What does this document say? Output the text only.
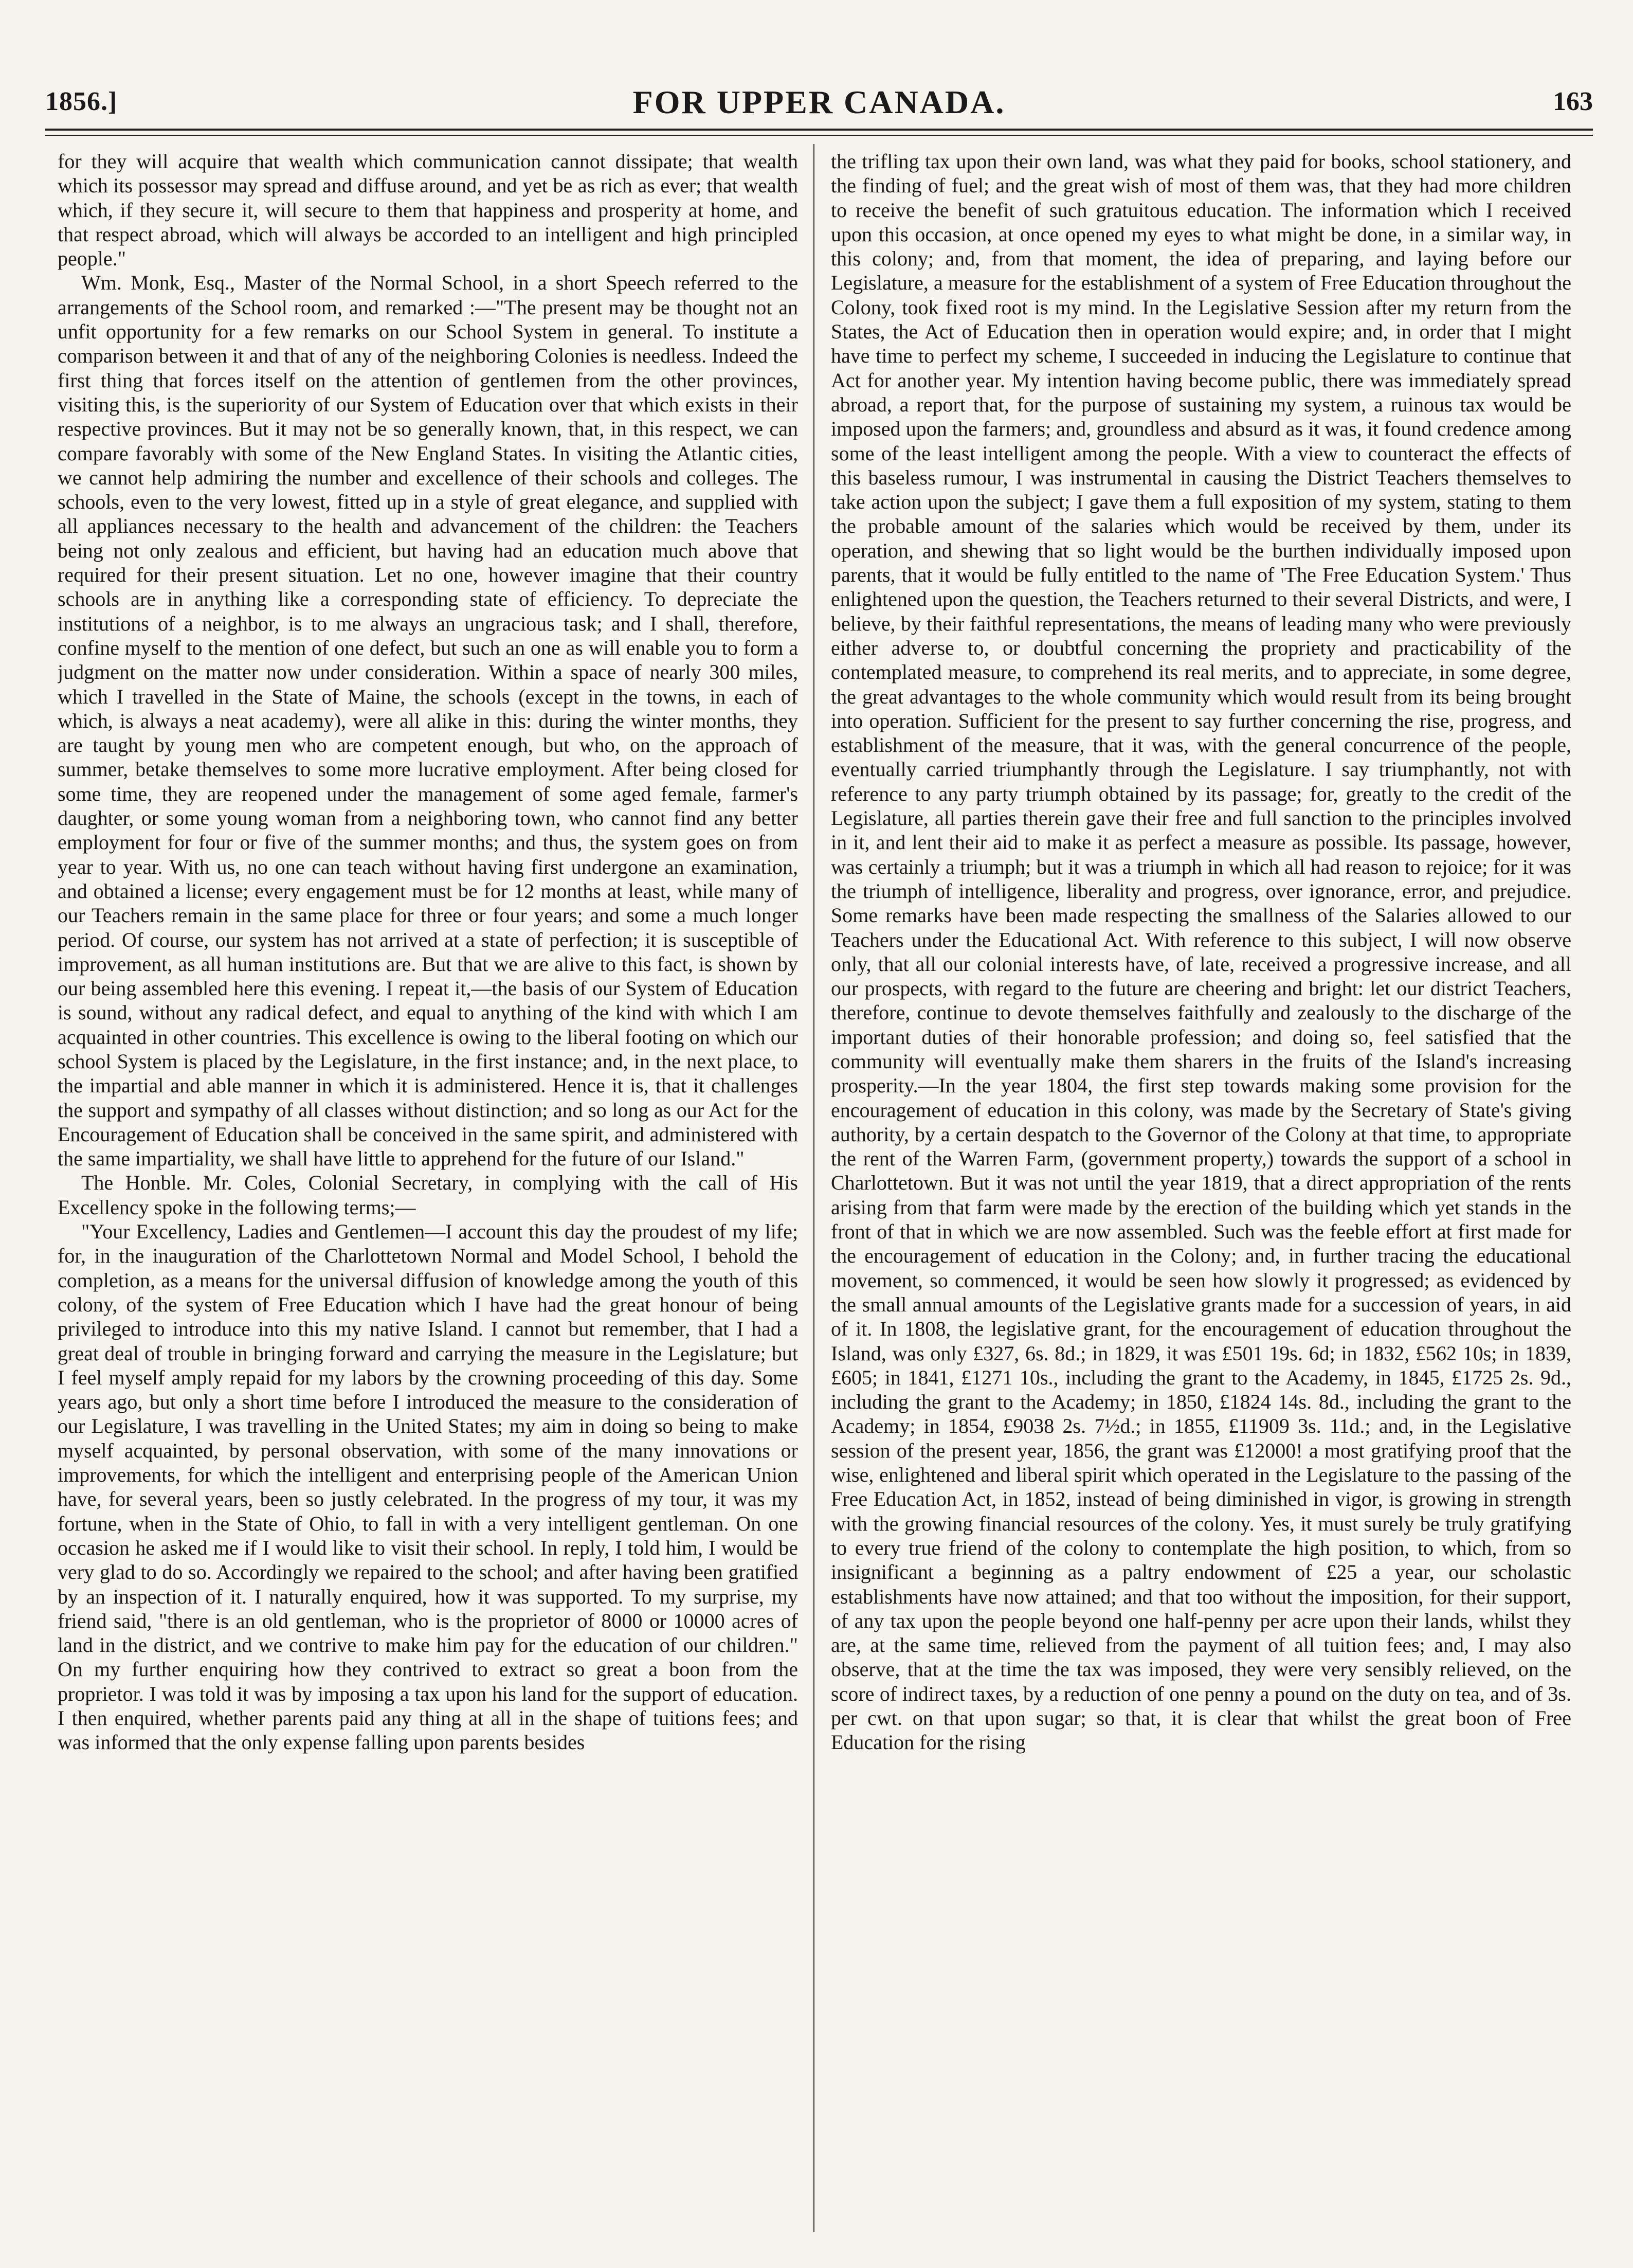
1856.]	FOR UPPER CANADA.	163

for they will acquire that wealth which communication cannot dissipate; that wealth which its possessor may spread and diffuse around, and yet be as rich as ever; that wealth which, if they secure it, will secure to them that happiness and prosperity at home, and that respect abroad, which will always be accorded to an intelligent and high principled people."

Wm. Monk, Esq., Master of the Normal School, in a short Speech referred to the arrangements of the School room, and remarked :—"The present may be thought not an unfit opportunity for a few remarks on our School System in general. To institute a comparison between it and that of any of the neighboring Colonies is needless. Indeed the first thing that forces itself on the attention of gentlemen from the other provinces, visiting this, is the superiority of our System of Education over that which exists in their respective provinces. But it may not be so generally known, that, in this respect, we can compare favorably with some of the New England States. In visiting the Atlantic cities, we cannot help admiring the number and excellence of their schools and colleges. The schools, even to the very lowest, fitted up in a style of great elegance, and supplied with all appliances necessary to the health and advancement of the children: the Teachers being not only zealous and efficient, but having had an education much above that required for their present situation. Let no one, however imagine that their country schools are in anything like a corresponding state of efficiency. To depreciate the institutions of a neighbor, is to me always an ungracious task; and I shall, therefore, confine myself to the mention of one defect, but such an one as will enable you to form a judgment on the matter now under consideration. Within a space of nearly 300 miles, which I travelled in the State of Maine, the schools (except in the towns, in each of which, is always a neat academy), were all alike in this: during the winter months, they are taught by young men who are competent enough, but who, on the approach of summer, betake themselves to some more lucrative employment. After being closed for some time, they are reopened under the management of some aged female, farmer's daughter, or some young woman from a neighboring town, who cannot find any better employment for four or five of the summer months; and thus, the system goes on from year to year. With us, no one can teach without having first undergone an examination, and obtained a license; every engagement must be for 12 months at least, while many of our Teachers remain in the same place for three or four years; and some a much longer period. Of course, our system has not arrived at a state of perfection; it is susceptible of improvement, as all human institutions are. But that we are alive to this fact, is shown by our being assembled here this evening. I repeat it,—the basis of our System of Education is sound, without any radical defect, and equal to anything of the kind with which I am acquainted in other countries. This excellence is owing to the liberal footing on which our school System is placed by the Legislature, in the first instance; and, in the next place, to the impartial and able manner in which it is administered. Hence it is, that it challenges the support and sympathy of all classes without distinction; and so long as our Act for the Encouragement of Education shall be conceived in the same spirit, and administered with the same impartiality, we shall have little to apprehend for the future of our Island."

The Honble. Mr. Coles, Colonial Secretary, in complying with the call of His Excellency spoke in the following terms;—

"Your Excellency, Ladies and Gentlemen—I account this day the proudest of my life; for, in the inauguration of the Charlottetown Normal and Model School, I behold the completion, as a means for the universal diffusion of knowledge among the youth of this colony, of the system of Free Education which I have had the great honour of being privileged to introduce into this my native Island. I cannot but remember, that I had a great deal of trouble in bringing forward and carrying the measure in the Legislature; but I feel myself amply repaid for my labors by the crowning proceeding of this day. Some years ago, but only a short time before I introduced the measure to the consideration of our Legislature, I was travelling in the United States; my aim in doing so being to make myself acquainted, by personal observation, with some of the many innovations or improvements, for which the intelligent and enterprising people of the American Union have, for several years, been so justly celebrated. In the progress of my tour, it was my fortune, when in the State of Ohio, to fall in with a very intelligent gentleman. On one occasion he asked me if I would like to visit their school. In reply, I told him, I would be very glad to do so. Accordingly we repaired to the school; and after having been gratified by an inspection of it. I naturally enquired, how it was supported. To my surprise, my friend said, "there is an old gentleman, who is the proprietor of 8000 or 10000 acres of land in the district, and we contrive to make him pay for the education of our children." On my further enquiring how they contrived to extract so great a boon from the proprietor. I was told it was by imposing a tax upon his land for the support of education. I then enquired, whether parents paid any thing at all in the shape of tuitions fees; and was informed that the only expense falling upon parents besides

the trifling tax upon their own land, was what they paid for books, school stationery, and the finding of fuel; and the great wish of most of them was, that they had more children to receive the benefit of such gratuitous education. The information which I received upon this occasion, at once opened my eyes to what might be done, in a similar way, in this colony; and, from that moment, the idea of preparing, and laying before our Legislature, a measure for the establishment of a system of Free Education throughout the Colony, took fixed root is my mind. In the Legislative Session after my return from the States, the Act of Education then in operation would expire; and, in order that I might have time to perfect my scheme, I succeeded in inducing the Legislature to continue that Act for another year. My intention having become public, there was immediately spread abroad, a report that, for the purpose of sustaining my system, a ruinous tax would be imposed upon the farmers; and, groundless and absurd as it was, it found credence among some of the least intelligent among the people. With a view to counteract the effects of this baseless rumour, I was instrumental in causing the District Teachers themselves to take action upon the subject; I gave them a full exposition of my system, stating to them the probable amount of the salaries which would be received by them, under its operation, and shewing that so light would be the burthen individually imposed upon parents, that it would be fully entitled to the name of 'The Free Education System.' Thus enlightened upon the question, the Teachers returned to their several Districts, and were, I believe, by their faithful representations, the means of leading many who were previously either adverse to, or doubtful concerning the propriety and practicability of the contemplated measure, to comprehend its real merits, and to appreciate, in some degree, the great advantages to the whole community which would result from its being brought into operation. Sufficient for the present to say further concerning the rise, progress, and establishment of the measure, that it was, with the general concurrence of the people, eventually carried triumphantly through the Legislature. I say triumphantly, not with reference to any party triumph obtained by its passage; for, greatly to the credit of the Legislature, all parties therein gave their free and full sanction to the principles involved in it, and lent their aid to make it as perfect a measure as possible. Its passage, however, was certainly a triumph; but it was a triumph in which all had reason to rejoice; for it was the triumph of intelligence, liberality and progress, over ignorance, error, and prejudice. Some remarks have been made respecting the smallness of the Salaries allowed to our Teachers under the Educational Act. With reference to this subject, I will now observe only, that all our colonial interests have, of late, received a progressive increase, and all our prospects, with regard to the future are cheering and bright: let our district Teachers, therefore, continue to devote themselves faithfully and zealously to the discharge of the important duties of their honorable profession; and doing so, feel satisfied that the community will eventually make them sharers in the fruits of the Island's increasing prosperity.—In the year 1804, the first step towards making some provision for the encouragement of education in this colony, was made by the Secretary of State's giving authority, by a certain despatch to the Governor of the Colony at that time, to appropriate the rent of the Warren Farm, (government property,) towards the support of a school in Charlottetown. But it was not until the year 1819, that a direct appropriation of the rents arising from that farm were made by the erection of the building which yet stands in the front of that in which we are now assembled. Such was the feeble effort at first made for the encouragement of education in the Colony; and, in further tracing the educational movement, so commenced, it would be seen how slowly it progressed; as evidenced by the small annual amounts of the Legislative grants made for a succession of years, in aid of it. In 1808, the legislative grant, for the encouragement of education throughout the Island, was only £327, 6s. 8d.; in 1829, it was £501 19s. 6d; in 1832, £562 10s; in 1839, £605; in 1841, £1271 10s., including the grant to the Academy, in 1845, £1725 2s. 9d., including the grant to the Academy; in 1850, £1824 14s. 8d., including the grant to the Academy; in 1854, £9038 2s. 7½d.; in 1855, £11909 3s. 11d.; and, in the Legislative session of the present year, 1856, the grant was £12000! a most gratifying proof that the wise, enlightened and liberal spirit which operated in the Legislature to the passing of the Free Education Act, in 1852, instead of being diminished in vigor, is growing in strength with the growing financial resources of the colony. Yes, it must surely be truly gratifying to every true friend of the colony to contemplate the high position, to which, from so insignificant a beginning as a paltry endowment of £25 a year, our scholastic establishments have now attained; and that too without the imposition, for their support, of any tax upon the people beyond one half-penny per acre upon their lands, whilst they are, at the same time, relieved from the payment of all tuition fees; and, I may also observe, that at the time the tax was imposed, they were very sensibly relieved, on the score of indirect taxes, by a reduction of one penny a pound on the duty on tea, and of 3s. per cwt. on that upon sugar; so that, it is clear that whilst the great boon of Free Education for the rising
